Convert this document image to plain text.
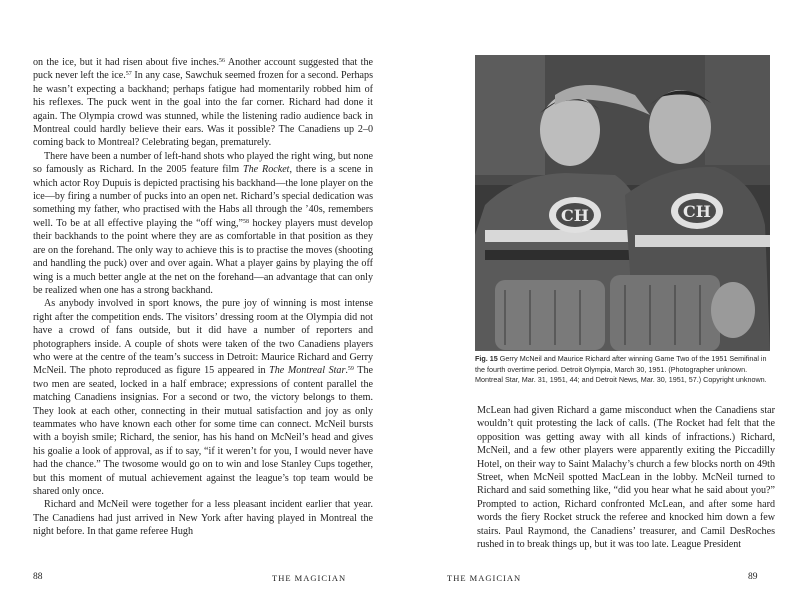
on the ice, but it had risen about five inches.$^{56}$ Another account suggested that the puck never left the ice.$^{57}$ In any case, Sawchuk seemed frozen for a second. Perhaps he wasn’t expecting a backhand; perhaps fatigue had momentarily robbed him of his reflexes. The puck went in the goal into the far corner. Richard had done it again. The Olympia crowd was stunned, while the listening radio audience back in Montreal could hardly believe their ears. Was it possible? The Canadiens up 2–0 coming back to Montreal? Celebrating began, prematurely.

There have been a number of left-hand shots who played the right wing, but none so famously as Richard. In the 2005 feature film The Rocket, there is a scene in which actor Roy Dupuis is depicted practising his backhand—the lone player on the ice—by firing a number of pucks into an open net. Richard’s special dedication was something my father, who practised with the Habs all through the ’40s, remembers well. To be at all effective playing the “off wing,”$^{58}$ hockey players must develop their backhands to the point where they are as comfortable in that position as they are on the forehand. The only way to achieve this is to practise the moves (shooting and handling the puck) over and over again. What a player gains by playing the off wing is a much better angle at the net on the forehand—an advantage that can only be realized when one has a strong backhand.

As anybody involved in sport knows, the pure joy of winning is most intense right after the competition ends. The visitors’ dressing room at the Olympia did not have a crowd of fans outside, but it did have a number of reporters and photographers inside. A couple of shots were taken of the two Canadiens players who were at the centre of the team’s success in Detroit: Maurice Richard and Gerry McNeil. The photo reproduced as figure 15 appeared in The Montreal Star.$^{59}$ The two men are seated, locked in a half embrace; expressions of content parallel the matching Canadiens insignias. For a second or two, the victory belongs to them. They look at each other, connecting in their mutual satisfaction and joy as only teammates who have known each other for some time can connect. McNeil bursts with a boyish smile; Richard, the senior, has his hand on McNeil’s head and gives his goalie a look of approval, as if to say, “if it weren’t for you, I would never have had the chance.” The twosome would go on to win and lose Stanley Cups together, but this moment of mutual achievement against the league’s top team would be shared only once.

Richard and McNeil were together for a less pleasant incident earlier that year. The Canadiens had just arrived in New York after having played in Montreal the night before. In that game referee Hugh

88	THE MAGICIAN
CH	CH
Fig. 15 Gerry McNeil and Maurice Richard after winning Game Two of the 1951 Semifinal in the fourth overtime period. Detroit Olympia, March 30, 1951. (Photographer unknown. Montreal Star, Mar. 31, 1951, 44; and Detroit News, Mar. 30, 1951, 57.) Copyright unknown.

McLean had given Richard a game misconduct when the Canadiens star wouldn’t quit protesting the lack of calls. (The Rocket had felt that the opposition was getting away with all kinds of infractions.) Richard, McNeil, and a few other players were apparently exiting the Piccadilly Hotel, on their way to Saint Malachy’s church a few blocks north on 49th Street, when McNeil spotted MacLean in the lobby. McNeil turned to Richard and said something like, “did you hear what he said about you?” Prompted to action, Richard confronted McLean, and after some hard words the fiery Rocket struck the referee and knocked him down a few stairs. Paul Raymond, the Canadiens’ treasurer, and Camil DesRoches rushed in to break things up, but it was too late. League President

THE MAGICIAN	89
